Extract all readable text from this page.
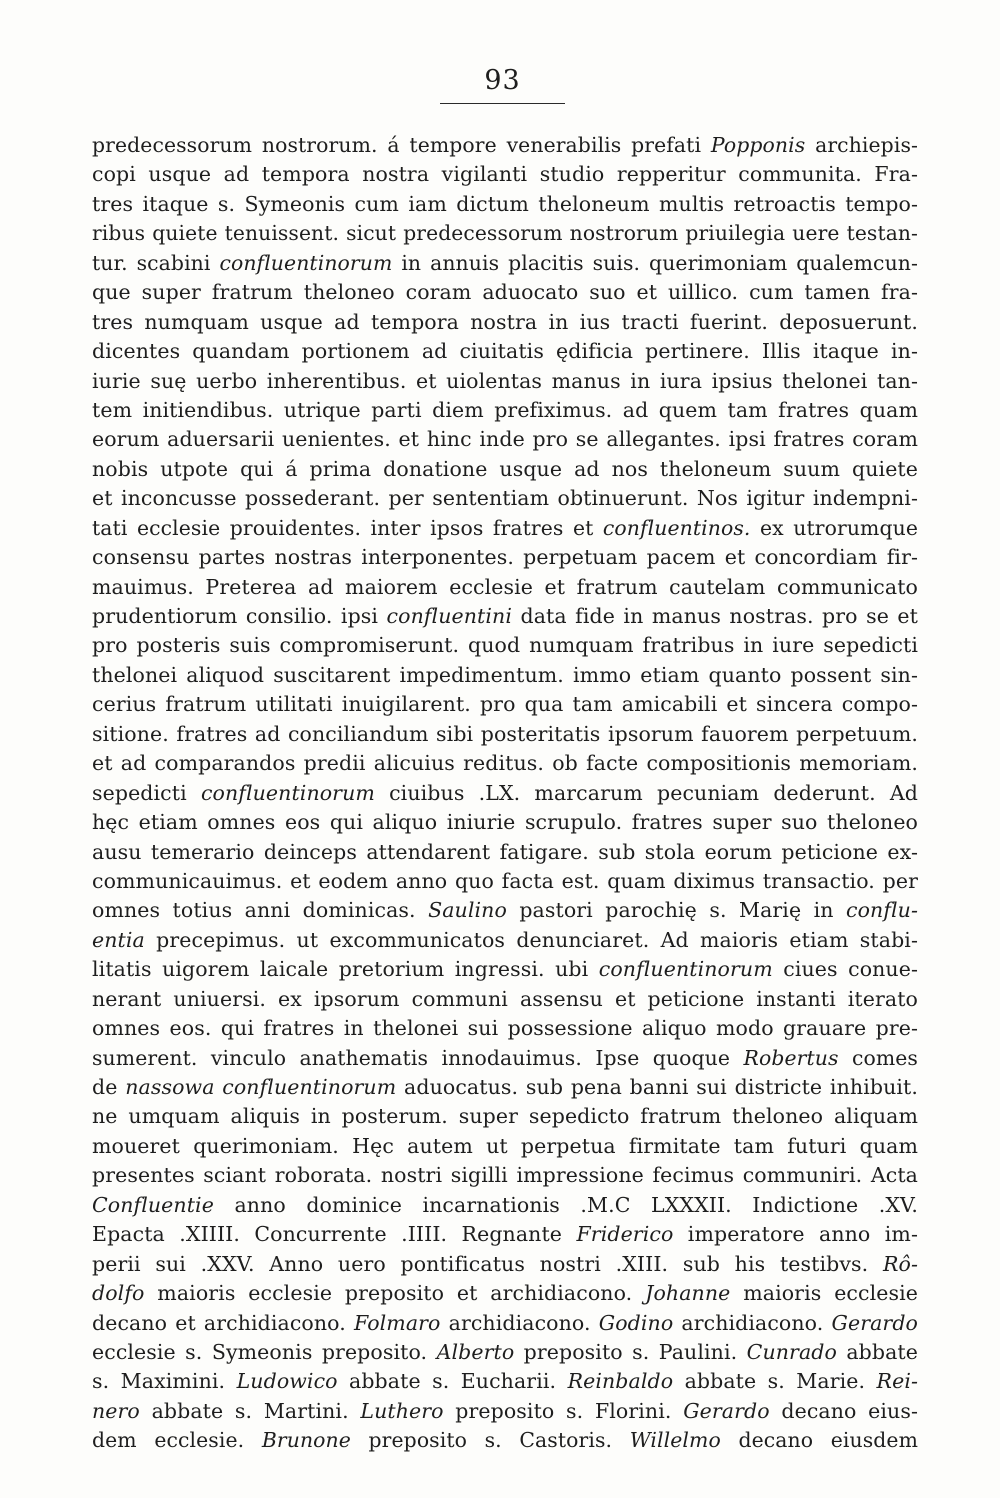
93
predecessorum nostrorum. á tempore venerabilis prefati Popponis archiepis-
copi usque ad tempora nostra vigilanti studio repperitur communita. Fra-
tres itaque s. Symeonis cum iam dictum theloneum multis retroactis tempo-
ribus quiete tenuissent. sicut predecessorum nostrorum priuilegia uere testan-
tur. scabini confluentinorum in annuis placitis suis. querimoniam qualemcun-
que super fratrum theloneo coram aduocato suo et uillico. cum tamen fra-
tres numquam usque ad tempora nostra in ius tracti fuerint. deposuerunt.
dicentes quandam portionem ad ciuitatis ędificia pertinere. Illis itaque in-
iurie suę uerbo inherentibus. et uiolentas manus in iura ipsius thelonei tan-
tem initiendibus. utrique parti diem prefiximus. ad quem tam fratres quam
eorum aduersarii uenientes. et hinc inde pro se allegantes. ipsi fratres coram
nobis utpote qui á prima donatione usque ad nos theloneum suum quiete
et inconcusse possederant. per sententiam obtinuerunt. Nos igitur indempni-
tati ecclesie prouidentes. inter ipsos fratres et confluentinos. ex utrorumque
consensu partes nostras interponentes. perpetuam pacem et concordiam fir-
mauimus. Preterea ad maiorem ecclesie et fratrum cautelam communicato
prudentiorum consilio. ipsi confluentini data fide in manus nostras. pro se et
pro posteris suis compromiserunt. quod numquam fratribus in iure sepedicti
thelonei aliquod suscitarent impedimentum. immo etiam quanto possent sin-
cerius fratrum utilitati inuigilarent. pro qua tam amicabili et sincera compo-
sitione. fratres ad conciliandum sibi posteritatis ipsorum fauorem perpetuum.
et ad comparandos predii alicuius reditus. ob facte compositionis memoriam.
sepedicti confluentinorum ciuibus .LX. marcarum pecuniam dederunt. Ad
hęc etiam omnes eos qui aliquo iniurie scrupulo. fratres super suo theloneo
ausu temerario deinceps attendarent fatigare. sub stola eorum peticione ex-
communicauimus. et eodem anno quo facta est. quam diximus transactio. per
omnes totius anni dominicas. Saulino pastori parochię s. Marię in conflu-
entia precepimus. ut excommunicatos denunciaret. Ad maioris etiam stabi-
litatis uigorem laicale pretorium ingressi. ubi confluentinorum ciues conue-
nerant uniuersi. ex ipsorum communi assensu et peticione instanti iterato
omnes eos. qui fratres in thelonei sui possessione aliquo modo grauare pre-
sumerent. vinculo anathematis innodauimus. Ipse quoque Robertus comes
de nassowa confluentinorum aduocatus. sub pena banni sui districte inhibuit.
ne umquam aliquis in posterum. super sepedicto fratrum theloneo aliquam
moueret querimoniam. Hęc autem ut perpetua firmitate tam futuri quam
presentes sciant roborata. nostri sigilli impressione fecimus communiri. Acta
Confluentie anno dominice incarnationis .M.C LXXXII. Indictione .XV.
Epacta .XIIII. Concurrente .IIII. Regnante Friderico imperatore anno im-
perii sui .XXV. Anno uero pontificatus nostri .XIII. sub his testibvs. Rô-
dolfo maioris ecclesie preposito et archidiacono. Johanne maioris ecclesie
decano et archidiacono. Folmaro archidiacono. Godino archidiacono. Gerardo
ecclesie s. Symeonis preposito. Alberto preposito s. Paulini. Cunrado abbate
s. Maximini. Ludowico abbate s. Eucharii. Reinbaldo abbate s. Marie. Rei-
nero abbate s. Martini. Luthero preposito s. Florini. Gerardo decano eius-
dem ecclesie. Brunone preposito s. Castoris. Willelmo decano eiusdem
